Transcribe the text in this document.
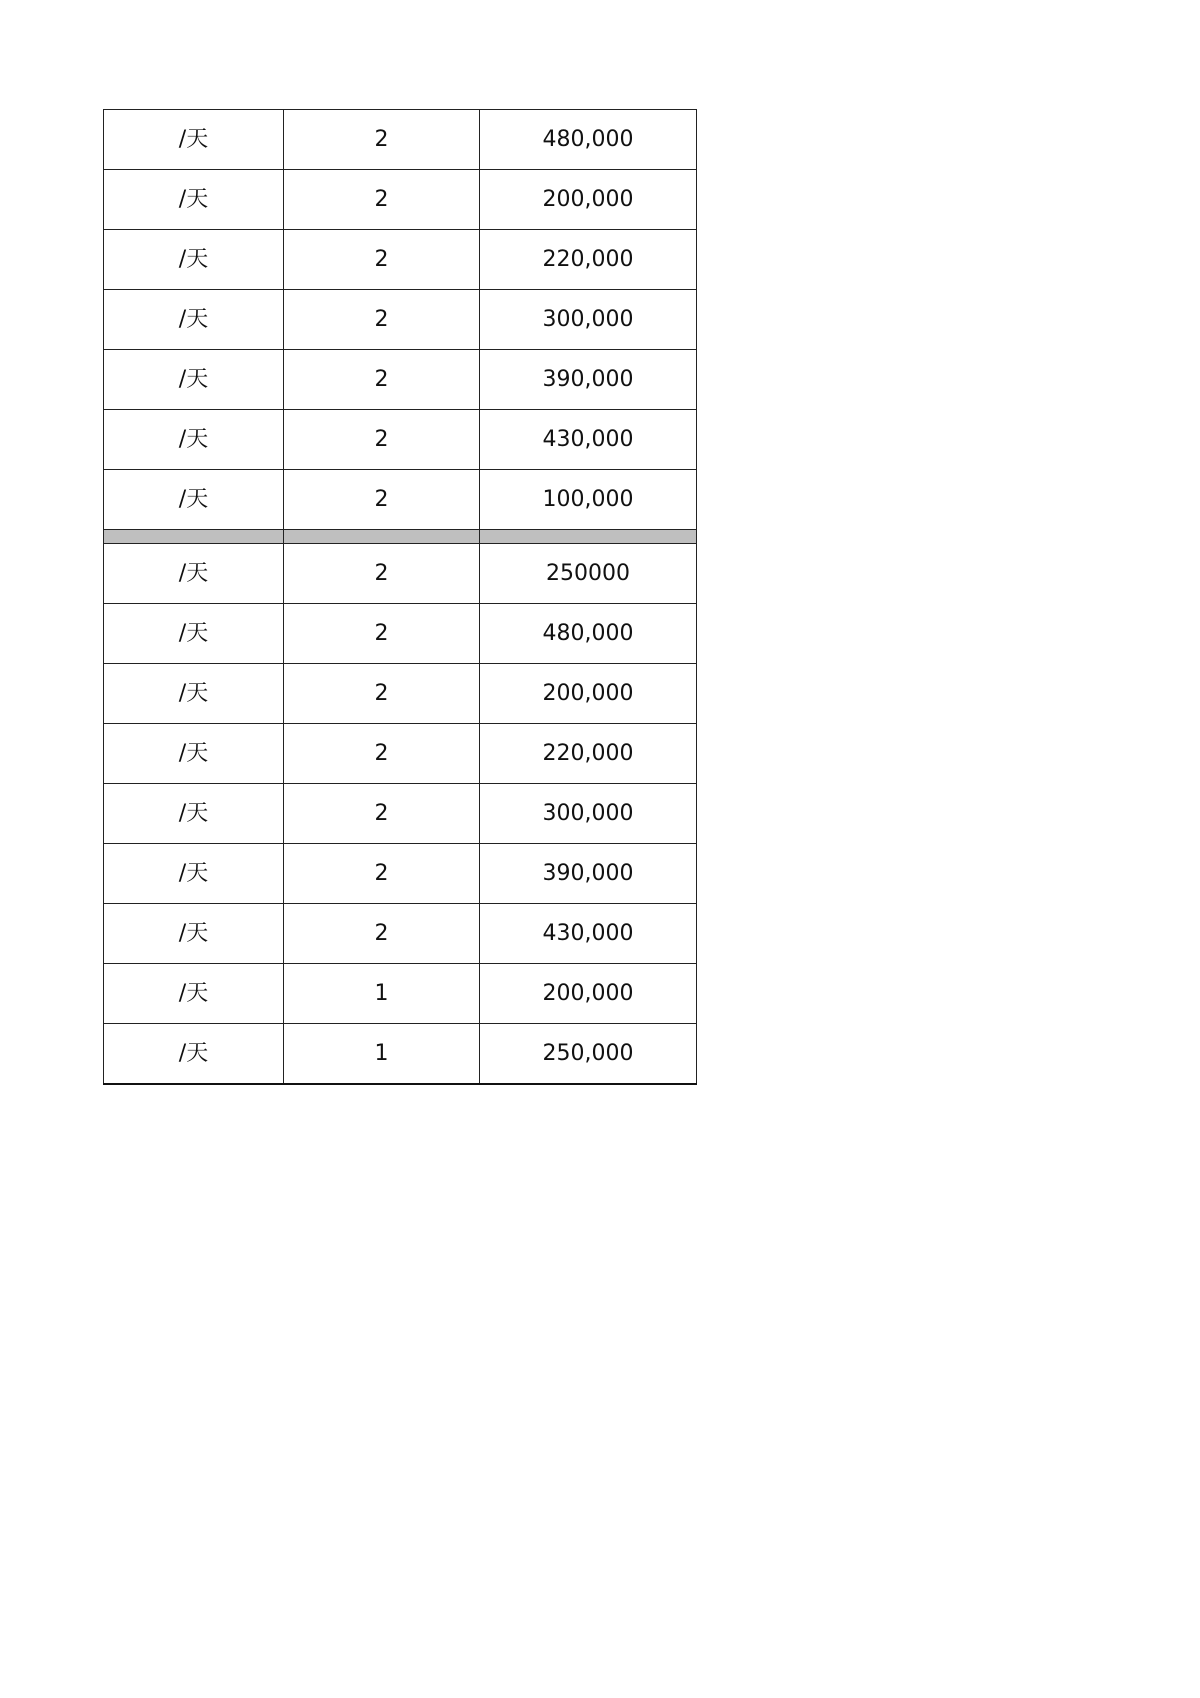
/天	2	480,000
/天	2	200,000
/天	2	220,000
/天	2	300,000
/天	2	390,000
/天	2	430,000
/天	2	100,000

/天	2	250000
/天	2	480,000
/天	2	200,000
/天	2	220,000
/天	2	300,000
/天	2	390,000
/天	2	430,000
/天	1	200,000
/天	1	250,000
